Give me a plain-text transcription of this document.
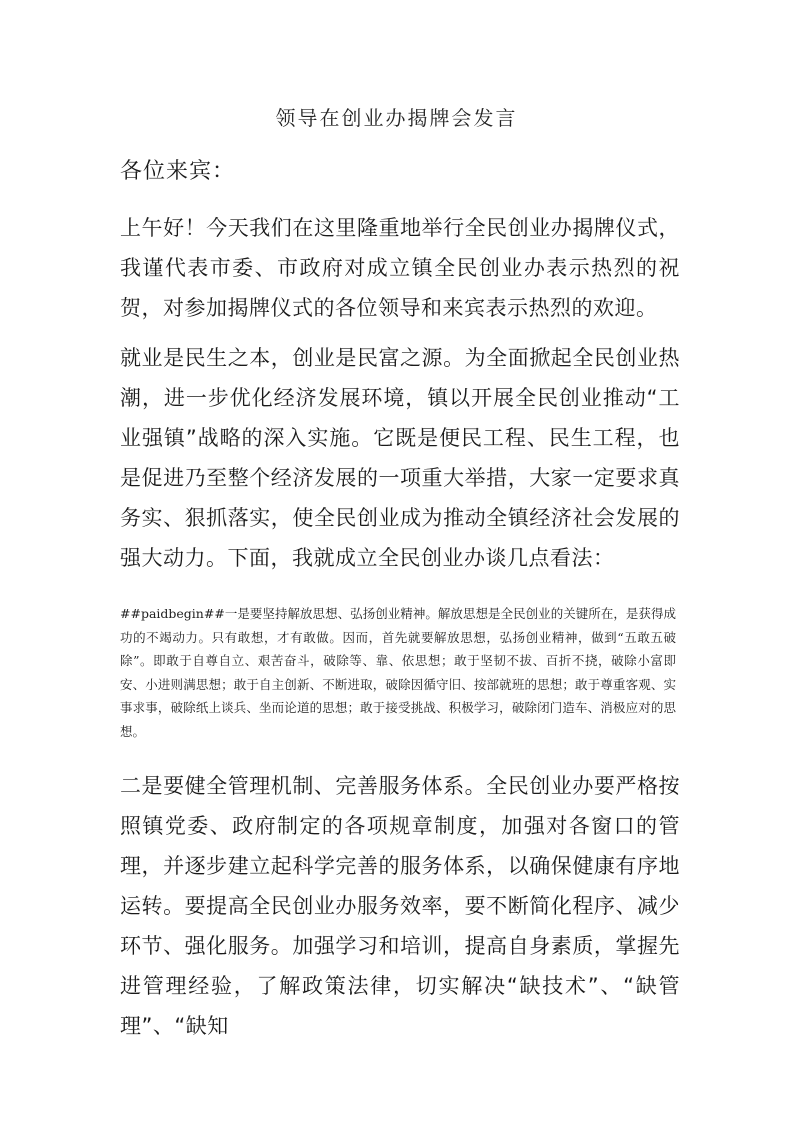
领导在创业办揭牌会发言
各位来宾：

上午好！今天我们在这里隆重地举行全民创业办揭牌仪式，我谨代表市委、市政府对成立镇全民创业办表示热烈的祝贺，对参加揭牌仪式的各位领导和来宾表示热烈的欢迎。

就业是民生之本，创业是民富之源。为全面掀起全民创业热潮，进一步优化经济发展环境，镇以开展全民创业推动“工业强镇”战略的深入实施。它既是便民工程、民生工程，也是促进乃至整个经济发展的一项重大举措，大家一定要求真务实、狠抓落实，使全民创业成为推动全镇经济社会发展的强大动力。下面，我就成立全民创业办谈几点看法：

##paidbegin##一是要坚持解放思想、弘扬创业精神。解放思想是全民创业的关键所在，是获得成功的不竭动力。只有敢想，才有敢做。因而，首先就要解放思想，弘扬创业精神，做到“五敢五破除”。即敢于自尊自立、艰苦奋斗，破除等、靠、依思想；敢于坚韧不拔、百折不挠，破除小富即安、小进则满思想；敢于自主创新、不断进取，破除因循守旧、按部就班的思想；敢于尊重客观、实事求事，破除纸上谈兵、坐而论道的思想；敢于接受挑战、积极学习，破除闭门造车、消极应对的思想。

二是要健全管理机制、完善服务体系。全民创业办要严格按照镇党委、政府制定的各项规章制度，加强对各窗口的管理，并逐步建立起科学完善的服务体系，以确保健康有序地运转。要提高全民创业办服务效率，要不断简化程序、减少环节、强化服务。加强学习和培训，提高自身素质，掌握先进管理经验，了解政策法律，切实解决“缺技术”、“缺管理”、“缺知
